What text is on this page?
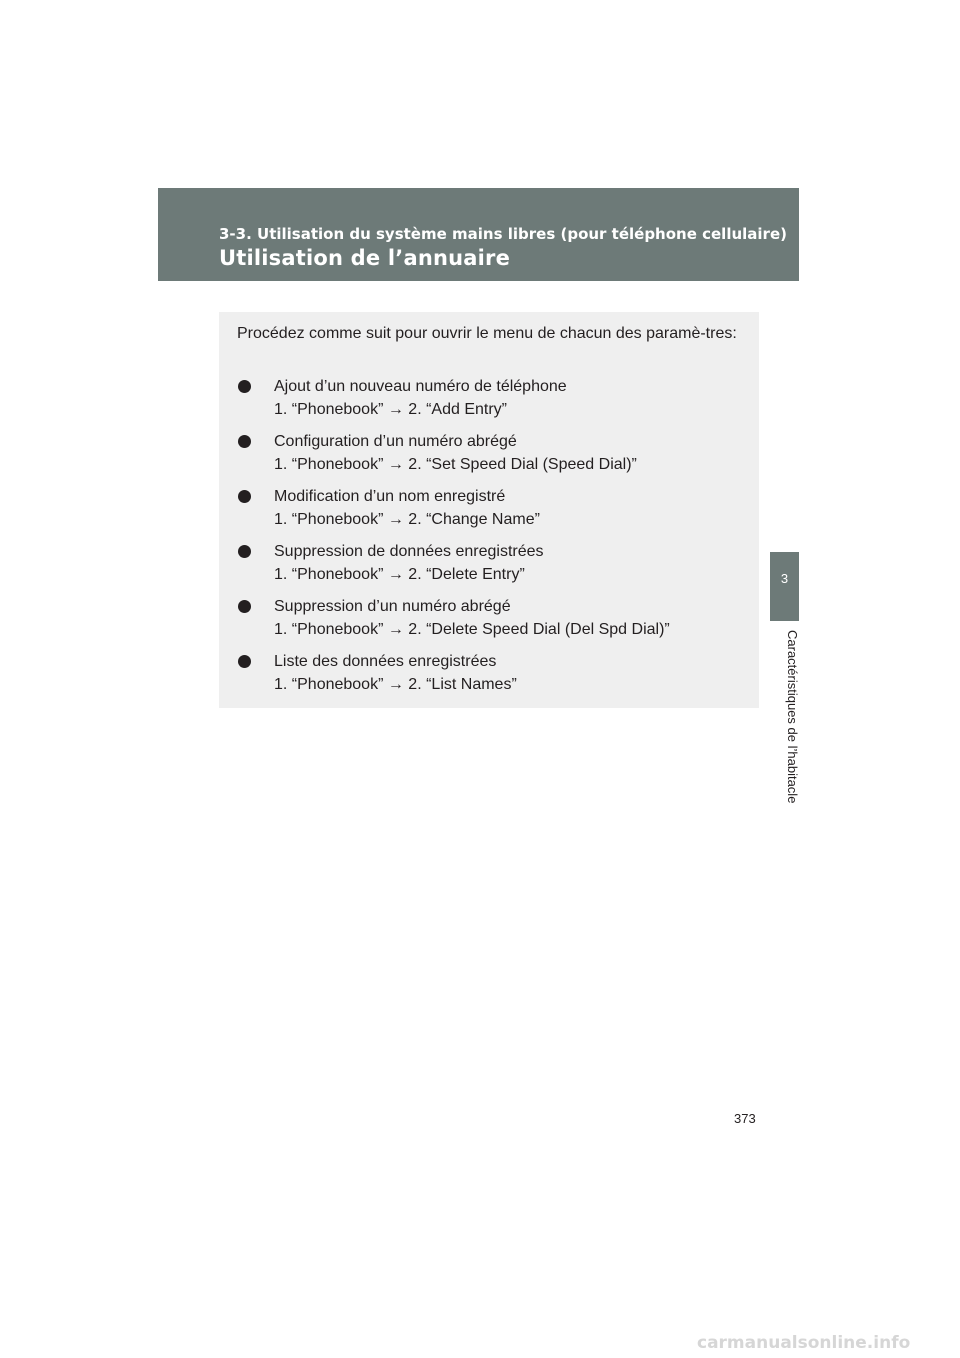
3-3. Utilisation du système mains libres (pour téléphone cellulaire)
Utilisation de l’annuaire
3
Caractéristiques de l’habitacle
Procédez comme suit pour ouvrir le menu de chacun des paramè-tres:
Ajout d’un nouveau numéro de téléphone
1. “Phonebook” → 2. “Add Entry”
Configuration d’un numéro abrégé
1. “Phonebook” → 2. “Set Speed Dial (Speed Dial)”
Modification d’un nom enregistré
1. “Phonebook” → 2. “Change Name”
Suppression de données enregistrées
1. “Phonebook” → 2. “Delete Entry”
Suppression d’un numéro abrégé
1. “Phonebook” → 2. “Delete Speed Dial (Del Spd Dial)”
Liste des données enregistrées
1. “Phonebook” → 2. “List Names”
373
carmanualsonline.info
